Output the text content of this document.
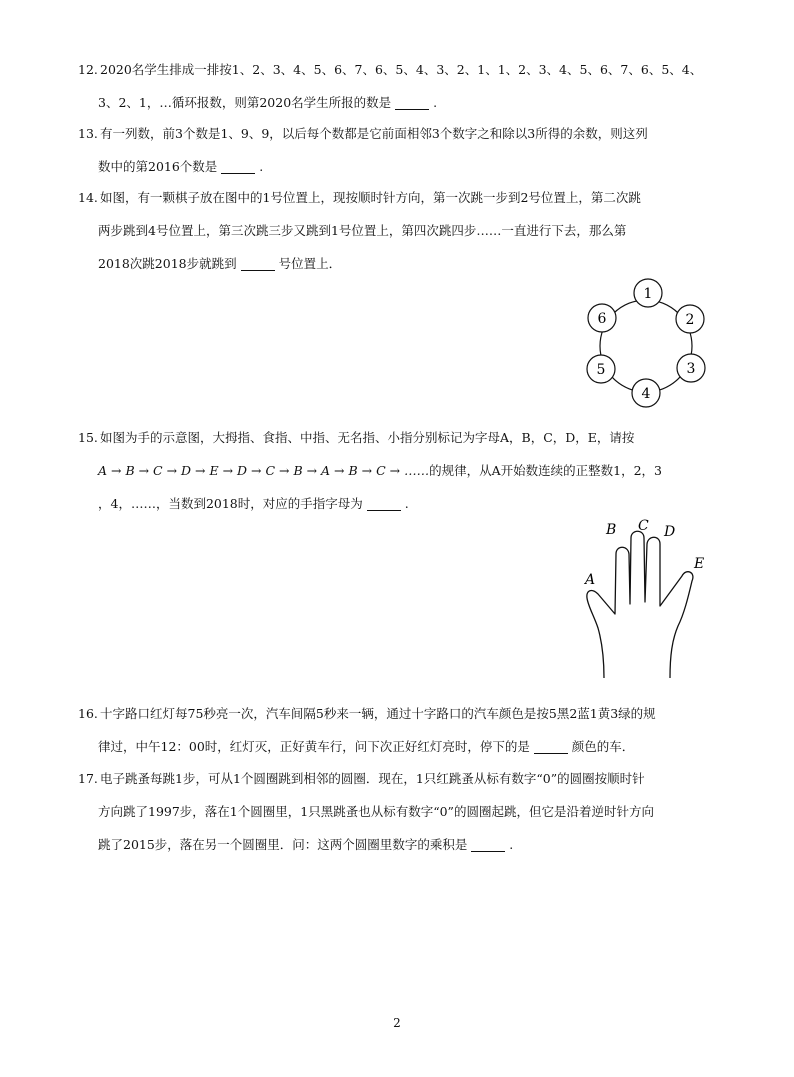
12. 2020名学生排成一排按1、2、3、4、5、6、7、6、5、4、3、2、1、1、2、3、4、5、6、7、6、5、4、
3、2、1，…循环报数，则第2020名学生所报的数是	.
13. 有一列数，前3个数是1、9、9，以后每个数都是它前面相邻3个数字之和除以3所得的余数，则这列
数中的第2016个数是	.
14. 如图，有一颗棋子放在图中的1号位置上，现按顺时针方向，第一次跳一步到2号位置上，第二次跳
两步跳到4号位置上，第三次跳三步又跳到1号位置上，第四次跳四步……一直进行下去，那么第
2018次跳2018步就跳到	号位置上．
1
2
3
4
5
6
15. 如图为手的示意图，大拇指、食指、中指、无名指、小指分别标记为字母A，B，C，D，E，请按
A → B → C → D → E → D → C → B → A → B → C → ……的规律，从A开始数连续的正整数1，2，3
，4，……，当数到2018时，对应的手指字母为	.
A
B C D
E
16. 十字路口红灯每75秒亮一次，汽车间隔5秒来一辆，通过十字路口的汽车颜色是按5黑2蓝1黄3绿的规
律过，中午12：00时，红灯灭，正好黄车行，问下次正好红灯亮时，停下的是	颜色的车．
17. 电子跳蚤每跳1步，可从1个圆圈跳到相邻的圆圈．现在，1只红跳蚤从标有数字“0”的圆圈按顺时针
方向跳了1997步，落在1个圆圈里，1只黑跳蚤也从标有数字“0”的圆圈起跳，但它是沿着逆时针方向
跳了2015步，落在另一个圆圈里．问：这两个圆圈里数字的乘积是	.
2
